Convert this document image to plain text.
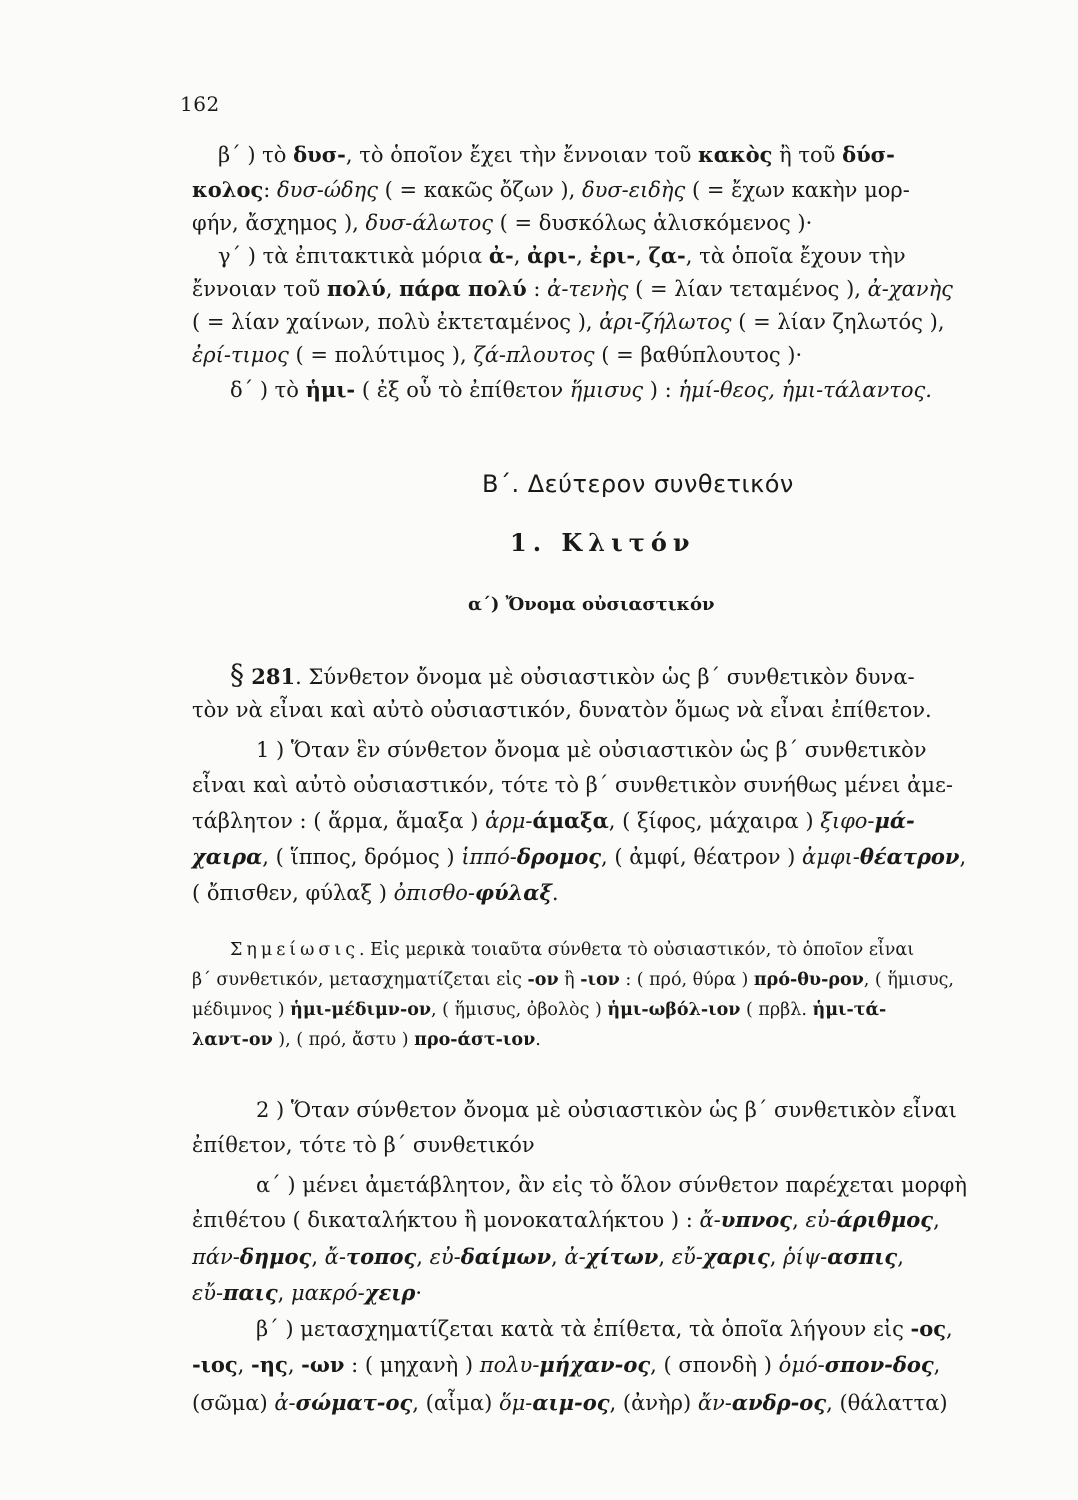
162
β΄ ) τὸ δυσ-, τὸ ὁποῖον ἔχει τὴν ἔννοιαν τοῦ κακὸς ἢ τοῦ δύσ-
κολος: δυσ-ώδης ( = κακῶς ὄζων ), δυσ-ειδὴς ( = ἔχων κακὴν μορ-
φήν, ἄσχημος ), δυσ-άλωτος ( = δυσκόλως ἁλισκόμενος )·
γ΄ ) τὰ ἐπιτακτικὰ μόρια ἀ-, ἀρι-, ἐρι-, ζα-, τὰ ὁποῖα ἔχουν τὴν
ἔννοιαν τοῦ πολύ, πάρα πολύ : ἀ-τενὴς ( = λίαν τεταμένος ), ἀ-χανὴς
( = λίαν χαίνων, πολὺ ἐκτεταμένος ), ἀρι-ζήλωτος ( = λίαν ζηλωτός ),
ἐρί-τιμος ( = πολύτιμος ), ζά-πλουτος ( = βαθύπλουτος )·
δ΄ ) τὸ ἡμι- ( ἐξ οὗ τὸ ἐπίθετον ἥμισυς ) : ἡμί-θεος, ἡμι-τάλαντος.
Β΄. Δεύτερον συνθετικόν
1. Κλιτόν
α΄) Ὄνομα οὐσιαστικόν
§ 281. Σύνθετον ὄνομα μὲ οὐσιαστικὸν ὡς β΄ συνθετικὸν δυνα-
τὸν νὰ εἶναι καὶ αὐτὸ οὐσιαστικόν, δυνατὸν ὅμως νὰ εἶναι ἐπίθετον.
1 ) Ὅταν ἓν σύνθετον ὄνομα μὲ οὐσιαστικὸν ὡς β΄ συνθετικὸν
εἶναι καὶ αὐτὸ οὐσιαστικόν, τότε τὸ β΄ συνθετικὸν συνήθως μένει ἀμε-
τάβλητον : ( ἅρμα, ἅμαξα ) ἁρμ-άμαξα, ( ξίφος, μάχαιρα ) ξιφο-μά-
χαιρα, ( ἵππος, δρόμος ) ἱππό-δρομος, ( ἀμφί, θέατρον ) ἀμφι-θέατρον,
( ὄπισθεν, φύλαξ ) ὀπισθο-φύλαξ.
Σημείωσις. Εἰς μερικὰ τοιαῦτα σύνθετα τὸ οὐσιαστικόν, τὸ ὁποῖον εἶναι
β΄ συνθετικόν, μετασχηματίζεται εἰς -ον ἢ -ιον : ( πρό, θύρα ) πρό-θυ-ρον, ( ἥμισυς,
μέδιμνος ) ἡμι-μέδιμν-ον, ( ἥμισυς, ὀβολὸς ) ἡμι-ωβόλ-ιον ( πρβλ. ἡμι-τά-
λαντ-ον ), ( πρό, ἄστυ ) προ-άστ-ιον.
2 ) Ὅταν σύνθετον ὄνομα μὲ οὐσιαστικὸν ὡς β΄ συνθετικὸν εἶναι
ἐπίθετον, τότε τὸ β΄ συνθετικόν
α΄ ) μένει ἀμετάβλητον, ἂν εἰς τὸ ὅλον σύνθετον παρέχεται μορφὴ
ἐπιθέτου ( δικαταλήκτου ἢ μονοκαταλήκτου ) : ἄ-υπνος, εὐ-άριθμος,
πάν-δημος, ἄ-τοπος, εὐ-δαίμων, ἀ-χίτων, εὔ-χαρις, ῥίψ-ασπις,
εὔ-παις, μακρό-χειρ·
β΄ ) μετασχηματίζεται κατὰ τὰ ἐπίθετα, τὰ ὁποῖα λήγουν εἰς -ος,
-ιος, -ης, -ων : ( μηχανὴ ) πολυ-μήχαν-ος, ( σπονδὴ ) ὁμό-σπον-δος,
(σῶμα) ἀ-σώματ-ος, (αἷμα) ὅμ-αιμ-ος, (ἀνὴρ) ἄν-ανδρ-ος, (θάλαττα)
